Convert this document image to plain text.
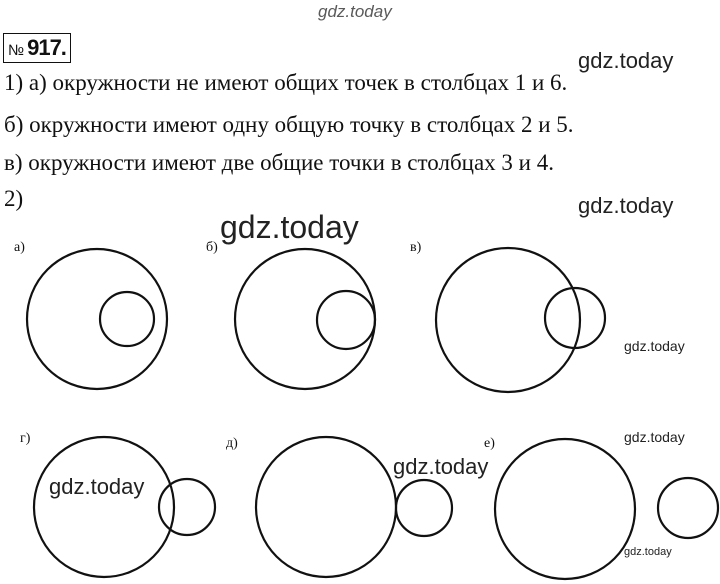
gdz.today
gdz.today
gdz.today
gdz.today
№ 917.
1) а) окружности не имеют общих точек в столбцах 1 и 6.
б) окружности имеют одну общую точку в столбцах 2 и 5.
в) окружности имеют две общие точки в столбцах 3 и 4.
2)
а)	б)	в)
г)	д)	е)
gdz.today
gdz.today
gdz.today
gdz.today
gdz.today
